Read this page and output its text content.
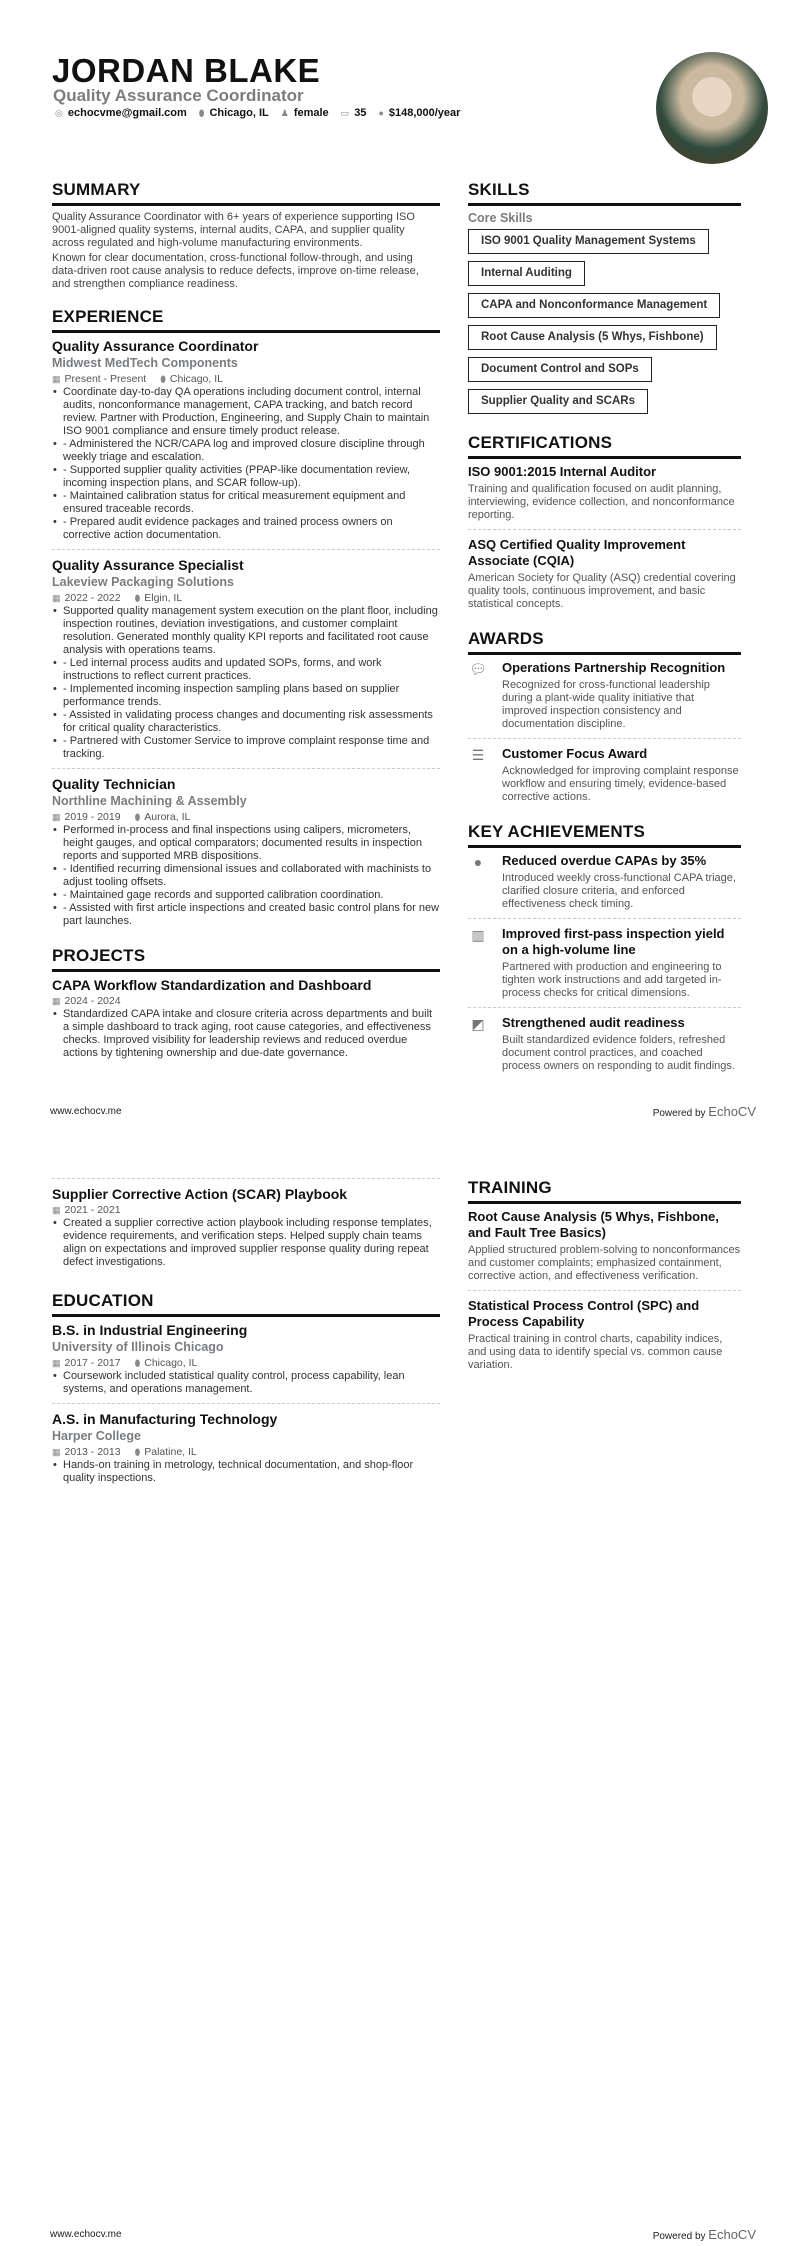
JORDAN BLAKE
Quality Assurance Coordinator
◎ echocvme@gmail.com ⬮ Chicago, IL ♟ female ▭ 35 ● $148,000/year
SUMMARY

Quality Assurance Coordinator with 6+ years of experience supporting ISO 9001-aligned quality systems, internal audits, CAPA, and supplier quality across regulated and high-volume manufacturing environments.

Known for clear documentation, cross-functional follow-through, and using data-driven root cause analysis to reduce defects, improve on-time release, and strengthen compliance readiness.

EXPERIENCE
Quality Assurance Coordinator
Midwest MedTech Components
▦ Present - Present ⬮ Chicago, IL
• Coordinate day-to-day QA operations including document control, internal audits, nonconformance management, CAPA tracking, and batch record review. Partner with Production, Engineering, and Supply Chain to maintain ISO 9001 compliance and ensure timely product release.
• - Administered the NCR/CAPA log and improved closure discipline through weekly triage and escalation.
• - Supported supplier quality activities (PPAP-like documentation review, incoming inspection plans, and SCAR follow-up).
• - Maintained calibration status for critical measurement equipment and ensured traceable records.
• - Prepared audit evidence packages and trained process owners on corrective action documentation.
Quality Assurance Specialist
Lakeview Packaging Solutions
▦ 2022 - 2022 ⬮ Elgin, IL
• Supported quality management system execution on the plant floor, including inspection routines, deviation investigations, and customer complaint resolution. Generated monthly quality KPI reports and facilitated root cause analysis with operations teams.
• - Led internal process audits and updated SOPs, forms, and work instructions to reflect current practices.
• - Implemented incoming inspection sampling plans based on supplier performance trends.
• - Assisted in validating process changes and documenting risk assessments for critical quality characteristics.
• - Partnered with Customer Service to improve complaint response time and tracking.
Quality Technician
Northline Machining & Assembly
▦ 2019 - 2019 ⬮ Aurora, IL
• Performed in-process and final inspections using calipers, micrometers, height gauges, and optical comparators; documented results in inspection reports and supported MRB dispositions.
• - Identified recurring dimensional issues and collaborated with machinists to adjust tooling offsets.
• - Maintained gage records and supported calibration coordination.
• - Assisted with first article inspections and created basic control plans for new part launches.
PROJECTS
CAPA Workflow Standardization and Dashboard
▦ 2024 - 2024
• Standardized CAPA intake and closure criteria across departments and built a simple dashboard to track aging, root cause categories, and effectiveness checks. Improved visibility for leadership reviews and reduced overdue actions by tightening ownership and due-date governance.
SKILLS
Core Skills
ISO 9001 Quality Management Systems
Internal Auditing
CAPA and Nonconformance Management
Root Cause Analysis (5 Whys, Fishbone)
Document Control and SOPs
Supplier Quality and SCARs
CERTIFICATIONS
ISO 9001:2015 Internal Auditor

Training and qualification focused on audit planning, interviewing, evidence collection, and nonconformance reporting.

ASQ Certified Quality Improvement Associate (CQIA)

American Society for Quality (ASQ) credential covering quality tools, continuous improvement, and basic statistical concepts.

AWARDS
💬︎ Operations Partnership Recognition

Recognized for cross-functional leadership during a plant-wide quality initiative that improved inspection consistency and documentation discipline.

☰ Customer Focus Award

Acknowledged for improving complaint response workflow and ensuring timely, evidence-based corrective actions.

KEY ACHIEVEMENTS
●	Reduced overdue CAPAs by 35%

Introduced weekly cross-functional CAPA triage, clarified closure criteria, and enforced effectiveness check timing.

▥ Improved first-pass inspection yield on a high-volume line

Partnered with production and engineering to tighten work instructions and add targeted in-process checks for critical dimensions.

◩ Strengthened audit readiness

Built standardized evidence folders, refreshed document control practices, and coached process owners on responding to audit findings.

www.echocv.me	Powered by EchoCV
Supplier Corrective Action (SCAR) Playbook
▦ 2021 - 2021
• Created a supplier corrective action playbook including response templates, evidence requirements, and verification steps. Helped supply chain teams align on expectations and improved supplier response quality during repeat defect investigations.
EDUCATION
B.S. in Industrial Engineering
University of Illinois Chicago
▦ 2017 - 2017 ⬮ Chicago, IL
• Coursework included statistical quality control, process capability, lean systems, and operations management.
A.S. in Manufacturing Technology
Harper College
▦ 2013 - 2013 ⬮ Palatine, IL
• Hands-on training in metrology, technical documentation, and shop-floor quality inspections.
TRAINING
Root Cause Analysis (5 Whys, Fishbone, and Fault Tree Basics)

Applied structured problem-solving to nonconformances and customer complaints; emphasized containment, corrective action, and effectiveness verification.

Statistical Process Control (SPC) and Process Capability

Practical training in control charts, capability indices, and using data to identify special vs. common cause variation.

www.echocv.me	Powered by EchoCV
